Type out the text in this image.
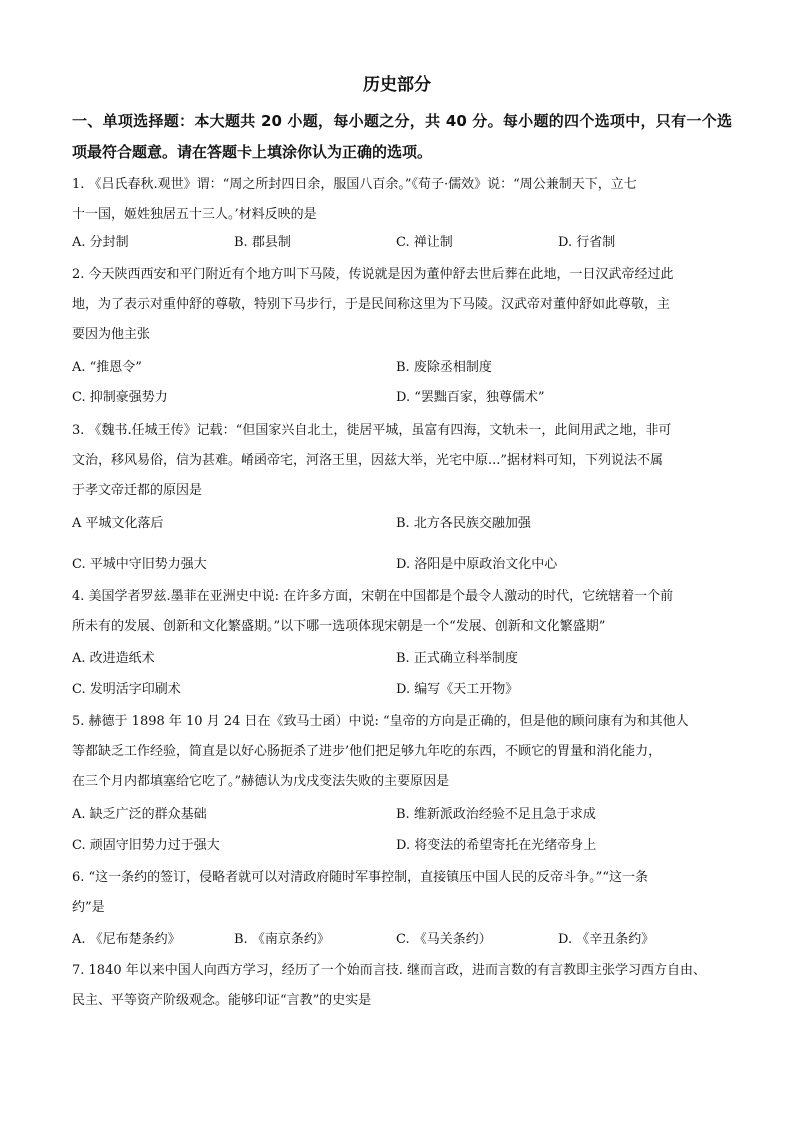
历史部分
一、单项选择题：本大题共 20 小题，每小题之分，共 40 分。每小题的四个选项中，只有一个选项最符合题意。请在答题卡上填涂你认为正确的选项。

1. 《吕氏春秋.观世》谓：“周之所封四日余，服国八百余。”《荀子·儒效》说：“周公兼制天下，立七

十一国，姬姓独居五十三人。’材料反映的是

A. 分封制	B. 郡县制	C. 禅让制	D. 行省制

2. 今天陕西西安和平门附近有个地方叫下马陵，传说就是因为董仲舒去世后葬在此地，一日汉武帝经过此

地，为了表示对重仲舒的尊敬，特别下马步行，于是民间称这里为下马陵。汉武帝对董仲舒如此尊敬，主

要因为他主张

A. “推恩令”	B. 废除丞相制度
C. 抑制豪强势力	D. “罢黜百家，独尊儒术”

3. 《魏书.任城王传》记载：“但国家兴自北土，徙居平城，虽富有四海，文轨未一，此间用武之地，非可

文治，移风易俗，信为甚难。崤函帝宅，河洛王里，因兹大举，光宅中原...”据材料可知，下列说法不属

于孝文帝迁都的原因是

A 平城文化落后	B. 北方各民族交融加强
C. 平城中守旧势力强大	D. 洛阳是中原政治文化中心

4. 美国学者罗兹.墨菲在亚洲史中说: 在许多方面，宋朝在中国都是个最令人激动的时代，它统辖着一个前

所未有的发展、创新和文化繁盛期。”以下哪一选项体现宋朝是一个“发展、创新和文化繁盛期”

A. 改进造纸术	B. 正式确立科举制度
C. 发明活字印刷术	D. 编写《天工开物》

5. 赫德于 1898 年 10 月 24 日在《致马士函）中说: “皇帝的方向是正确的，但是他的顾问康有为和其他人

等都缺乏工作经验，简直是以好心肠扼杀了进步’他们把足够九年吃的东西，不顾它的胃量和消化能力，

在三个月内都填塞给它吃了。”赫德认为戊戌变法失败的主要原因是

A. 缺乏广泛的群众基础	B. 维新派政治经验不足且急于求成
C. 顽固守旧势力过于强大	D. 将变法的希望寄托在光绪帝身上

6. “这一条约的签订，侵略者就可以对清政府随时军事控制，直接镇压中国人民的反帝斗争。”“这一条

约”是

A. 《尼布楚条约》	B. 《南京条约》	C. 《马关条约）	D. 《辛丑条约》

7. 1840 年以来中国人向西方学习，经历了一个始而言技. 继而言政，进而言数的有言教即主张学习西方自由、

民主、平等资产阶级观念。能够印证“言教”的史实是
